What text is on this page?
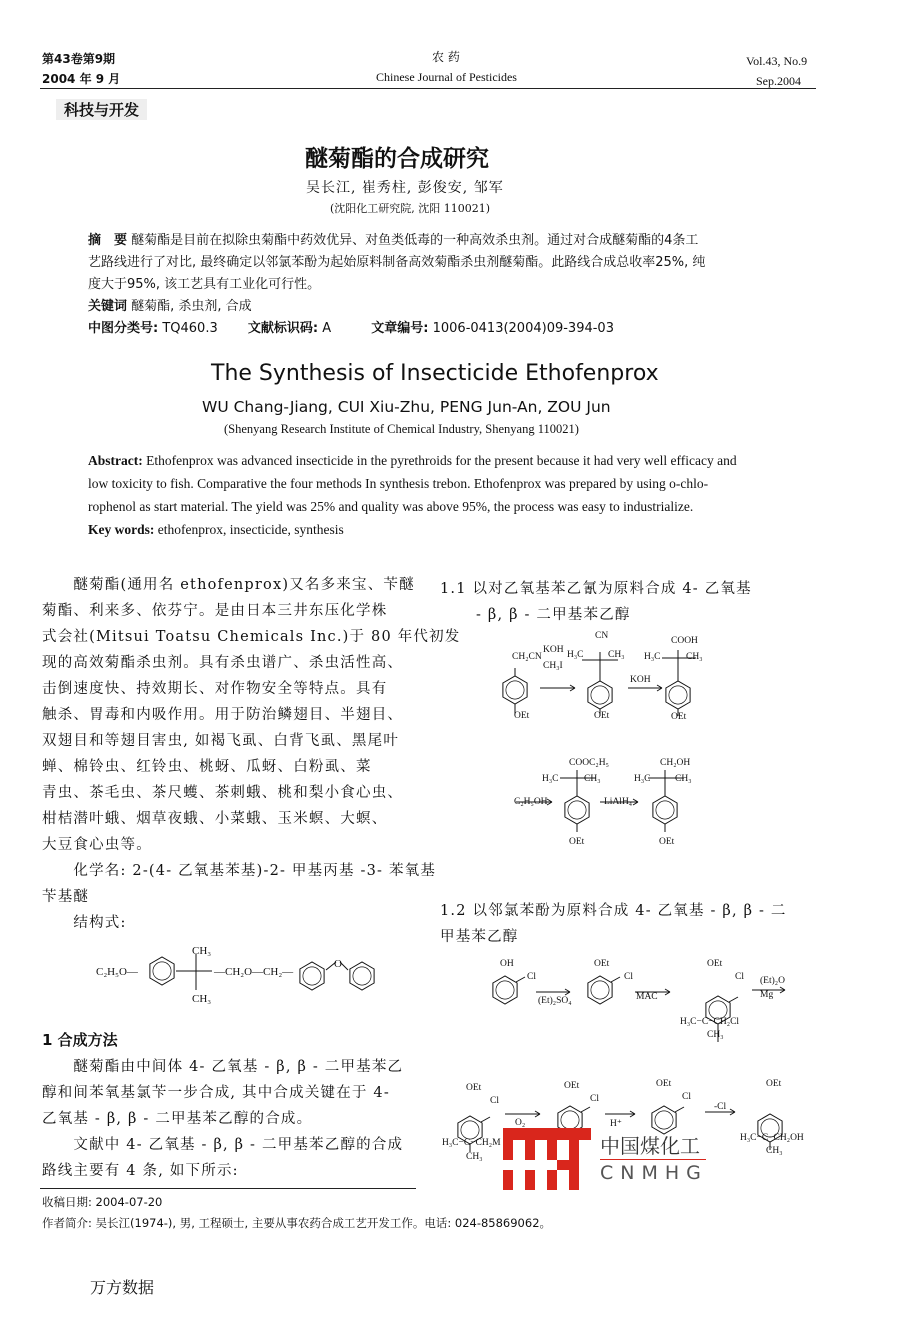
第43卷第9期
2004 年 9 月
农 药
Chinese Journal of Pesticides
Vol.43, No.9
Sep.2004
科技与开发
醚菊酯的合成研究
吴长江, 崔秀柱, 彭俊安, 邹军
(沈阳化工研究院, 沈阳 110021)
摘　要 醚菊酯是目前在拟除虫菊酯中药效优异、对鱼类低毒的一种高效杀虫剂。通过对合成醚菊酯的4条工
艺路线进行了对比, 最终确定以邻氯苯酚为起始原料制备高效菊酯杀虫剂醚菊酯。此路线合成总收率25%, 纯
度大于95%, 该工艺具有工业化可行性。
关键词 醚菊酯, 杀虫剂, 合成
中图分类号: TQ460.3 文献标识码: A	文章编号: 1006-0413(2004)09-394-03
The Synthesis of Insecticide Ethofenprox
WU Chang-Jiang, CUI Xiu-Zhu, PENG Jun-An, ZOU Jun
(Shenyang Research Institute of Chemical Industry, Shenyang 110021)
Abstract: Ethofenprox was advanced insecticide in the pyrethroids for the present because it had very well efficacy and
low toxicity to fish. Comparative the four methods In synthesis trebon. Ethofenprox was prepared by using o-chlo-
rophenol as start material. The yield was 25% and quality was above 95%, the process was easy to industrialize.
Key words: ethofenprox, insecticide, synthesis
　　醚菊酯(通用名 ethofenprox)又名多来宝、苄醚
菊酯、利来多、依芬宁。是由日本三井东压化学株
式会社(Mitsui Toatsu Chemicals Inc.)于 80 年代初发
现的高效菊酯杀虫剂。具有杀虫谱广、杀虫活性高、
击倒速度快、持效期长、对作物安全等特点。具有
触杀、胃毒和内吸作用。用于防治鳞翅目、半翅目、
双翅目和等翅目害虫, 如褐飞虱、白背飞虱、黑尾叶
蝉、棉铃虫、红铃虫、桃蚜、瓜蚜、白粉虱、菜
青虫、茶毛虫、茶尺蠖、茶刺蛾、桃和梨小食心虫、
柑桔潜叶蛾、烟草夜蛾、小菜蛾、玉米螟、大螟、
大豆食心虫等。
　　化学名: 2-(4- 乙氧基苯基)-2- 甲基丙基 -3- 苯氧基
苄基醚
　　结构式:
C₂H₅O—
CH₃
CH₃
—CH₂O—CH₂—
O
1 合成方法
　　醚菊酯由中间体 4- 乙氧基 - β, β - 二甲基苯乙
醇和间苯氧基氯苄一步合成, 其中合成关键在于 4-
乙氧基 - β, β - 二甲基苯乙醇的合成。
　　文献中 4- 乙氧基 - β, β - 二甲基苯乙醇的合成
路线主要有 4 条, 如下所示:
1.1 以对乙氧基苯乙氰为原料合成 4- 乙氧基
- β, β - 二甲基苯乙醇
CH₂CN
KOH
CH₃I
CN
H₃C	CH₃
KOH
COOH
H₃C	CH₃
OEt	OEt	OEt
COOC₂H₅
H₃C	CH₃
C₂H₅OH	LiAlH₄
CH₂OH
H₃C	CH₃
OEt	OEt
1.2 以邻氯苯酚为原料合成 4- 乙氧基 - β, β - 二
甲基苯乙醇
OH
Cl
(Et)₂SO₄
OEt
Cl
MAC
OEt
Cl
H₃C−C−CH₂Cl
CH₃
(Et)₂O
Mg
OEt
Cl
H₃C−C−CH₂M
CH₃
O₂
OEt
Cl
H⁺
OEt
Cl
-Cl
OEt
H₃C−C−CH₂OH
CH₃
中国煤化工
CNMHG
收稿日期: 2004-07-20
作者简介: 吴长江(1974-), 男, 工程硕士, 主要从事农药合成工艺开发工作。电话: 024-85869062。
万方数据
